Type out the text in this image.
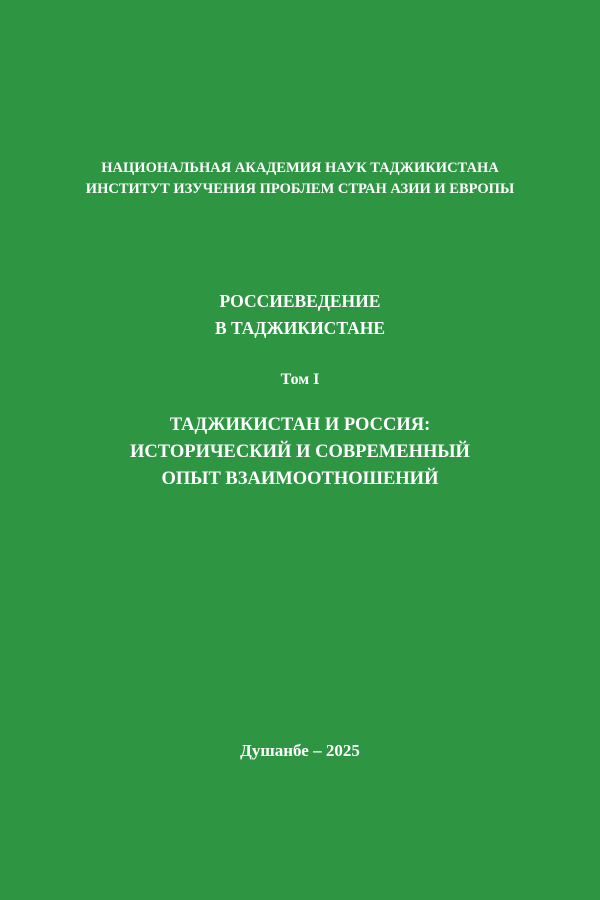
НАЦИОНАЛЬНАЯ АКАДЕМИЯ НАУК ТАДЖИКИСТАНА
ИНСТИТУТ ИЗУЧЕНИЯ ПРОБЛЕМ СТРАН АЗИИ И ЕВРОПЫ
РОССИЕВЕДЕНИЕ
В ТАДЖИКИСТАНЕ
Том I
ТАДЖИКИСТАН И РОССИЯ:
ИСТОРИЧЕСКИЙ И СОВРЕМЕННЫЙ
ОПЫТ ВЗАИМООТНОШЕНИЙ
Душанбе – 2025
